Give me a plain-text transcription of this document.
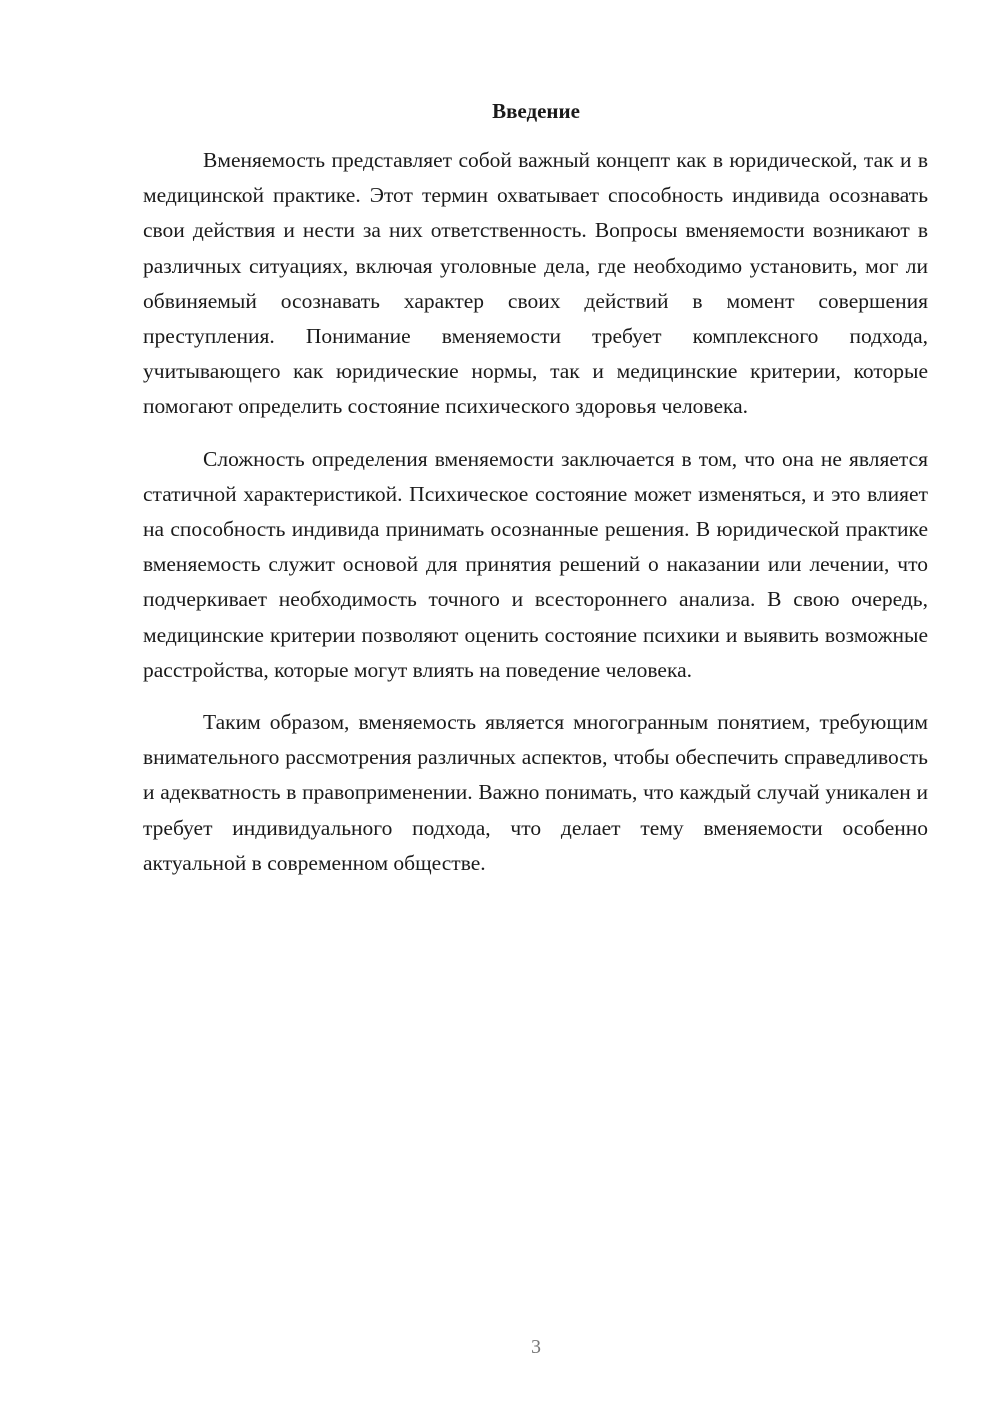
Введение

Вменяемость представляет собой важный концепт как в юридической, так и в медицинской практике. Этот термин охватывает способность индивида осознавать свои действия и нести за них ответственность. Вопросы вменяемости возникают в различных ситуациях, включая уголовные дела, где необходимо установить, мог ли обвиняемый осознавать характер своих действий в момент совершения преступления. Понимание вменяемости требует комплексного подхода, учитывающего как юридические нормы, так и медицинские критерии, которые помогают определить состояние психического здоровья человека.

Сложность определения вменяемости заключается в том, что она не является статичной характеристикой. Психическое состояние может изменяться, и это влияет на способность индивида принимать осознанные решения. В юридической практике вменяемость служит основой для принятия решений о наказании или лечении, что подчеркивает необходимость точного и всестороннего анализа. В свою очередь, медицинские критерии позволяют оценить состояние психики и выявить возможные расстройства, которые могут влиять на поведение человека.

Таким образом, вменяемость является многогранным понятием, требующим внимательного рассмотрения различных аспектов, чтобы обеспечить справедливость и адекватность в правоприменении. Важно понимать, что каждый случай уникален и требует индивидуального подхода, что делает тему вменяемости особенно актуальной в современном обществе.

3
